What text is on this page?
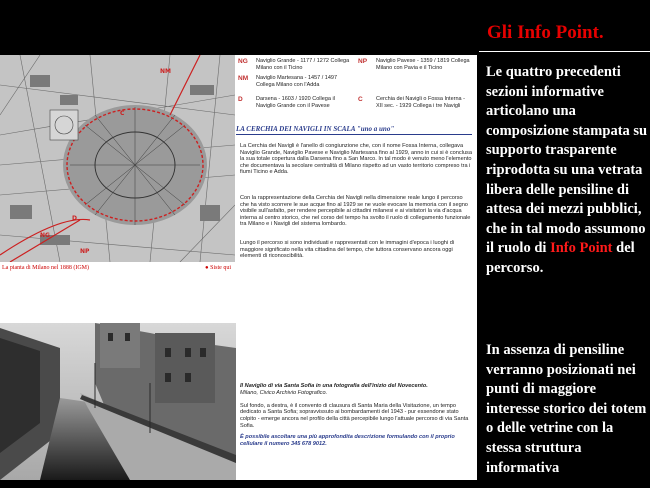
NM
NG
NP
D
C
La pianta di Milano nel 1888 (IGM)	● Siste qui
NG Naviglio Grande - 1177 / 1272 Collega Milano con il Ticino
NP Naviglio Pavese - 1359 / 1819 Collega Milano con Pavia e il Ticino
NM Naviglio Martesana - 1457 / 1497 Collega Milano con l'Adda
D Darsena - 1603 / 1920 Collega il Naviglio Grande con il Pavese
C Cerchia dei Navigli o Fossa Interna - XII sec. - 1929 Collega i tre Navigli
LA CERCHIA DEI NAVIGLI IN SCALA "uno a uno"
La Cerchia dei Navigli è l'anello di congiunzione che, con il nome Fossa Interna, collegava Naviglio Grande, Naviglio Pavese e Naviglio Martesana fino al 1929, anno in cui si è conclusa la sua totale copertura dalla Darsena fino a San Marco. In tal modo è venuto meno l'elemento che documentava la secolare centralità di Milano rispetto ad un vasto territorio compreso tra i fiumi Ticino e Adda.
Con la rappresentazione della Cerchia dei Navigli nella dimensione reale lungo il percorso che ha visto scorrere le sue acque fino al 1929 se ne vuole evocare la memoria con il segno visibile sull'asfalto, per rendere percepibile ai cittadini milanesi e ai visitatori la via d'acqua interna al centro storico, che nel corso del tempo ha svolto il ruolo di collegamento funzionale tra Milano e i Navigli del sistema lombardo.
Lungo il percorso si sono individuati e rappresentati con le immagini d'epoca i luoghi di maggiore significato nella vita cittadina del tempo, che tuttora conservano ancora oggi elementi di riconoscibilità.
Il Naviglio di via Santa Sofia in una fotografia dell'inizio del Novecento.
Milano, Civico Archivio Fotografico.

Sul fondo, a destra, è il convento di clausura di Santa Maria della Visitazione, un tempo dedicato a Santa Sofia; sopravvissuto ai bombardamenti del 1943 - pur essendone stato colpito - emerge ancora nel profilo della città percepibile lungo l'attuale percorso di via Santa Sofia.
È possibile ascoltare una più approfondita descrizione formulando con il proprio cellulare il numero 345 678 9012.
Gli Info Point.
Le quattro precedenti sezioni informative articolano una composizione stampata su supporto trasparente riprodotta su una vetrata libera delle pensiline di attesa dei mezzi pubblici, che in tal modo assumono il ruolo di Info Point del percorso.
In assenza di pensiline verranno posizionati nei punti di maggiore interesse storico dei totem o delle vetrine con la stessa struttura informativa
